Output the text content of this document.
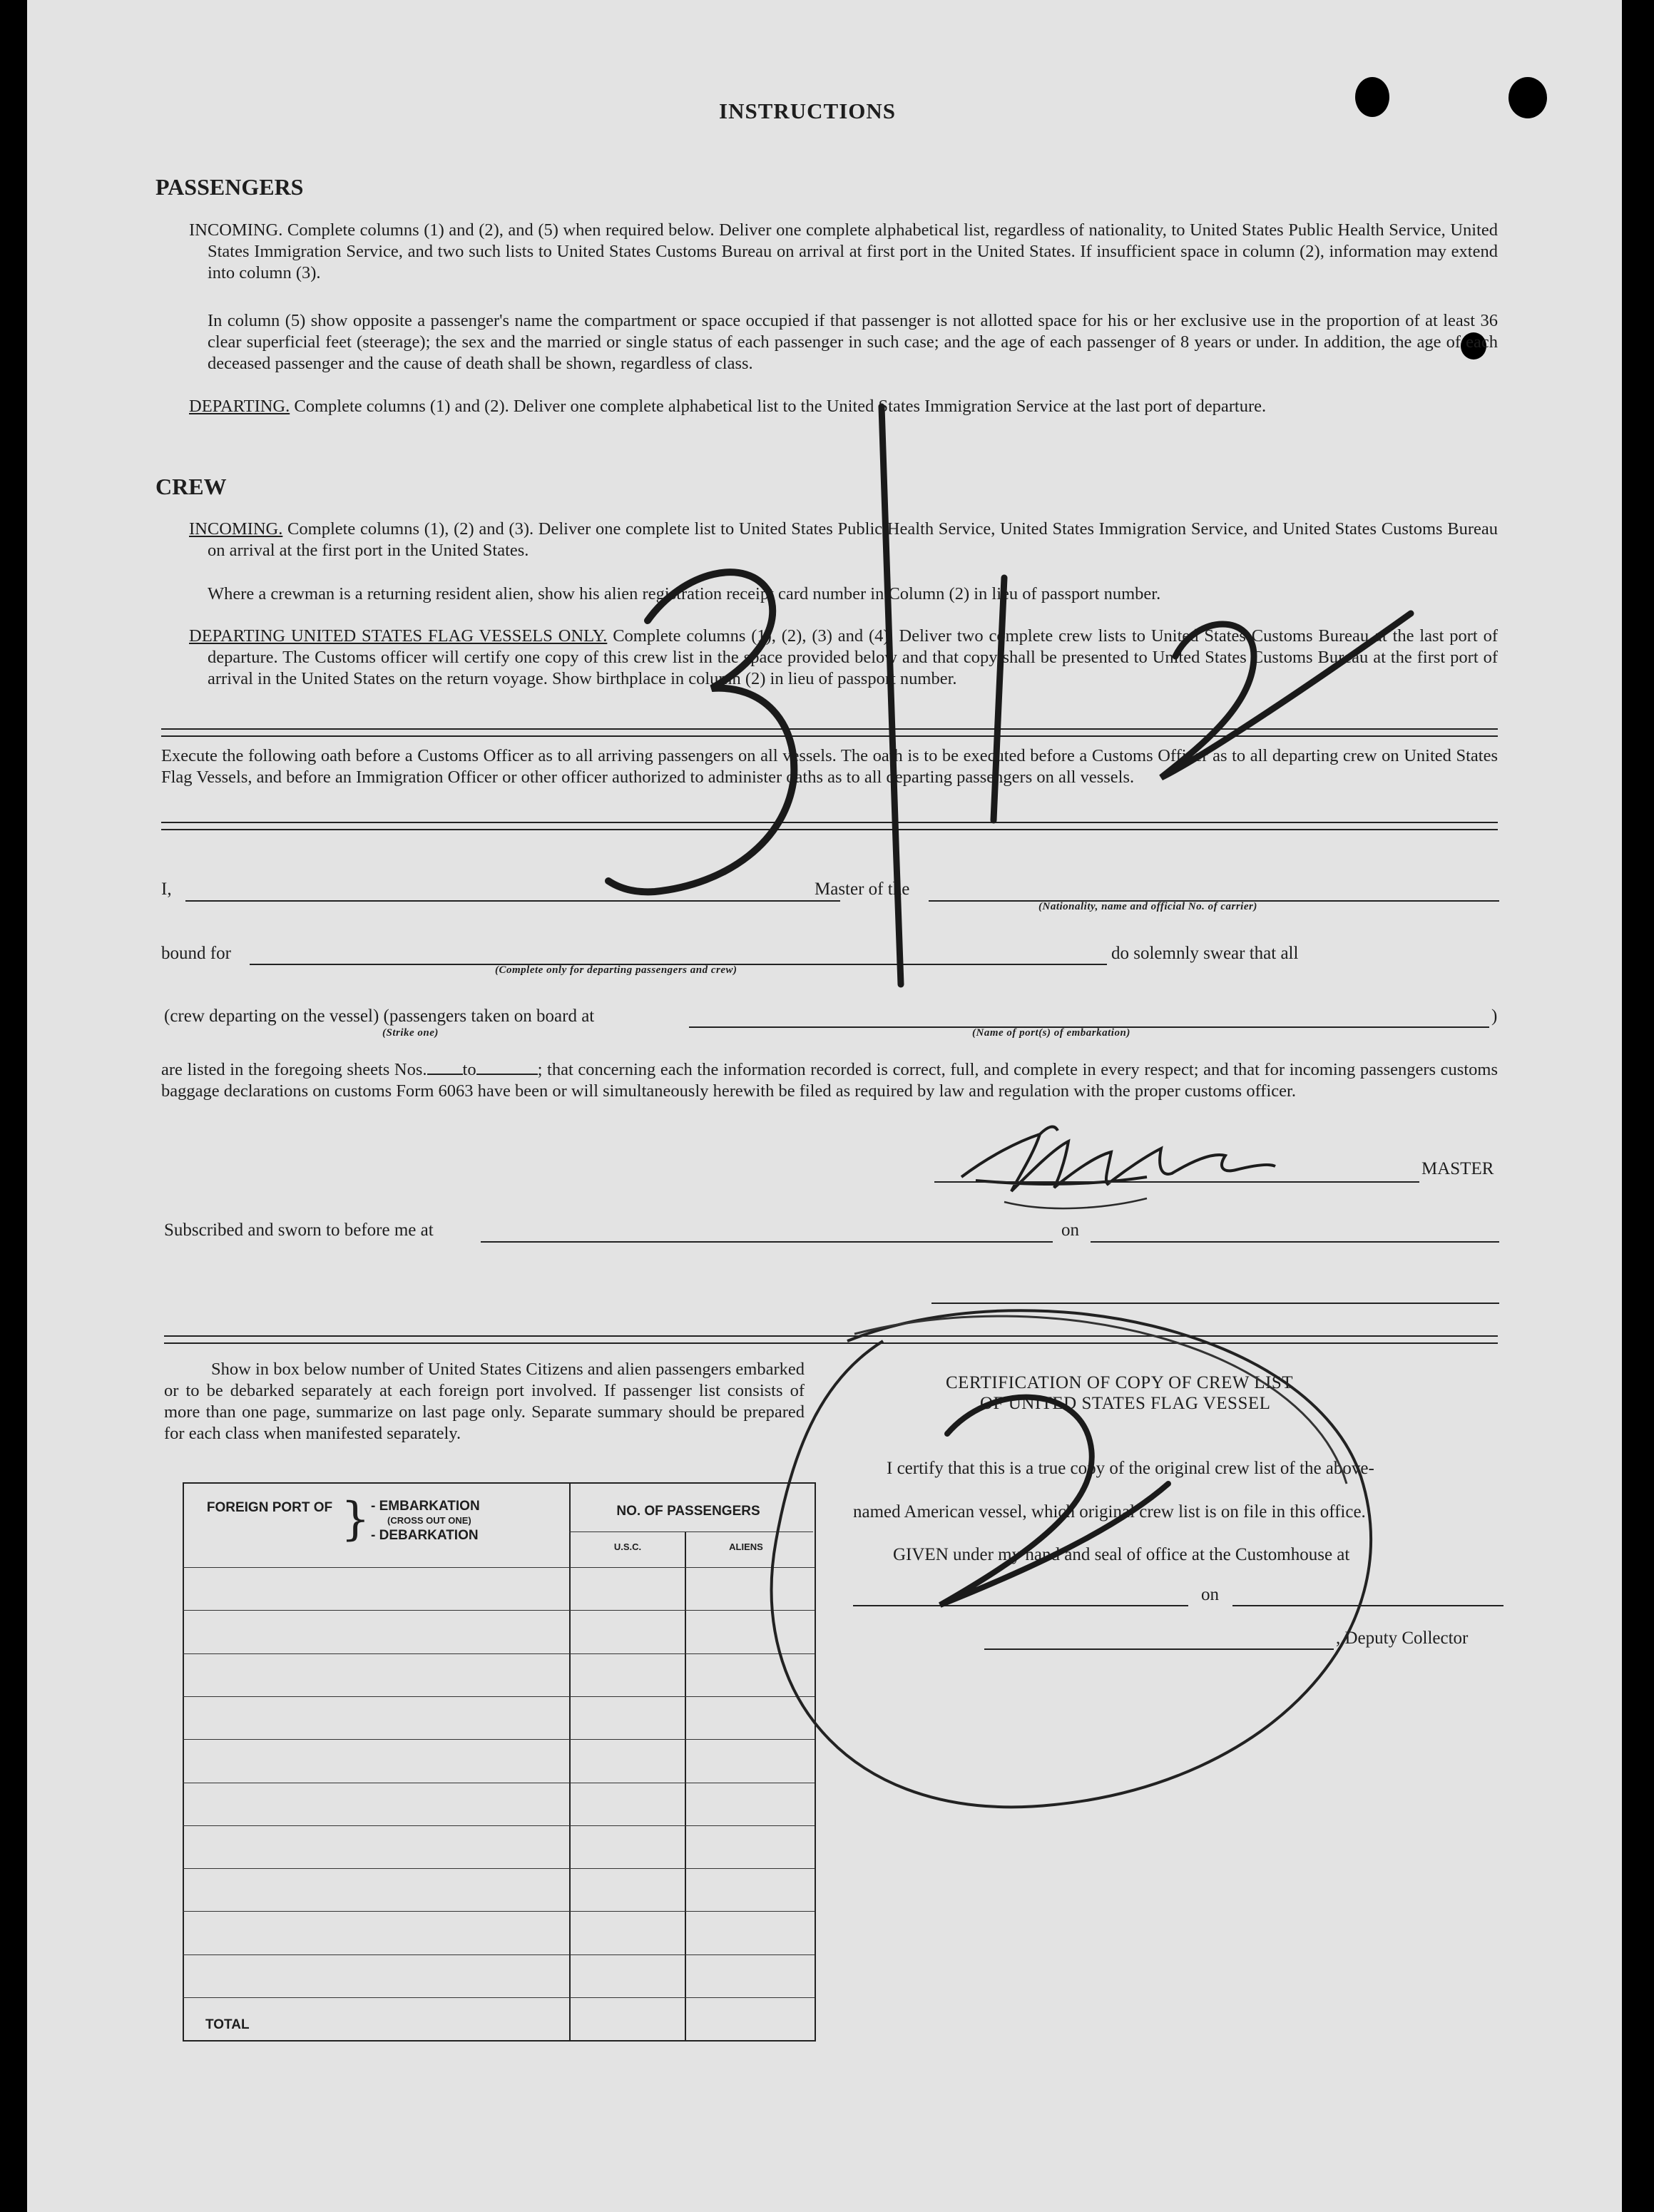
INSTRUCTIONS
PASSENGERS
INCOMING. Complete columns (1) and (2), and (5) when required below. Deliver one complete alphabetical list, regardless of nationality, to United States Public Health Service, United States Immigration Service, and two such lists to United States Customs Bureau on arrival at first port in the United States. If insufficient space in column (2), information may extend into column (3).
In column (5) show opposite a passenger's name the compartment or space occupied if that passenger is not allotted space for his or her exclusive use in the proportion of at least 36 clear superficial feet (steerage); the sex and the married or single status of each passenger in such case; and the age of each passenger of 8 years or under. In addition, the age of each deceased passenger and the cause of death shall be shown, regardless of class.
DEPARTING. Complete columns (1) and (2). Deliver one complete alphabetical list to the United States Immigration Service at the last port of departure.
CREW
INCOMING. Complete columns (1), (2) and (3). Deliver one complete list to United States Public Health Service, United States Immigration Service, and United States Customs Bureau on arrival at the first port in the United States.
Where a crewman is a returning resident alien, show his alien registration receipt card number in Column (2) in lieu of passport number.
DEPARTING UNITED STATES FLAG VESSELS ONLY. Complete columns (1), (2), (3) and (4). Deliver two complete crew lists to United States Customs Bureau at the last port of departure. The Customs officer will certify one copy of this crew list in the space provided below and that copy shall be presented to United States Customs Bureau at the first port of arrival in the United States on the return voyage. Show birthplace in column (2) in lieu of passport number.
Execute the following oath before a Customs Officer as to all arriving passengers on all vessels. The oath is to be executed before a Customs Officer as to all departing crew on United States Flag Vessels, and before an Immigration Officer or other officer authorized to administer oaths as to all departing passengers on all vessels.
I,	Master of the
(Nationality, name and official No. of carrier)
bound for
(Complete only for departing passengers and crew)
do solemnly swear that all
(crew departing on the vessel) (passengers taken on board at	)
(Strike one)	(Name of port(s) of embarkation)
are listed in the foregoing sheets Nos. to	; that concerning each the information recorded is correct, full, and complete in every respect; and that for incoming passengers customs baggage declarations on customs Form 6063 have been or will simultaneously herewith be filed as required by law and regulation with the proper customs officer.
MASTER
Subscribed and sworn to before me at	on
Show in box below number of United States Citizens and alien passengers embarked or to be debarked separately at each foreign port involved. If passenger list consists of more than one page, summarize on last page only. Separate summary should be prepared for each class when manifested separately.
FOREIGN PORT OF } - EMBARKATION
(CROSS OUT ONE)
- DEBARKATION
NO. OF PASSENGERS
U.S.C.	ALIENS
TOTAL
CERTIFICATION OF COPY OF CREW LIST
OF UNITED STATES FLAG VESSEL
I certify that this is a true copy of the original crew list of the above-
named American vessel, which original crew list is on file in this office.
GIVEN under my hand and seal of office at the Customhouse at
on
, Deputy Collector
